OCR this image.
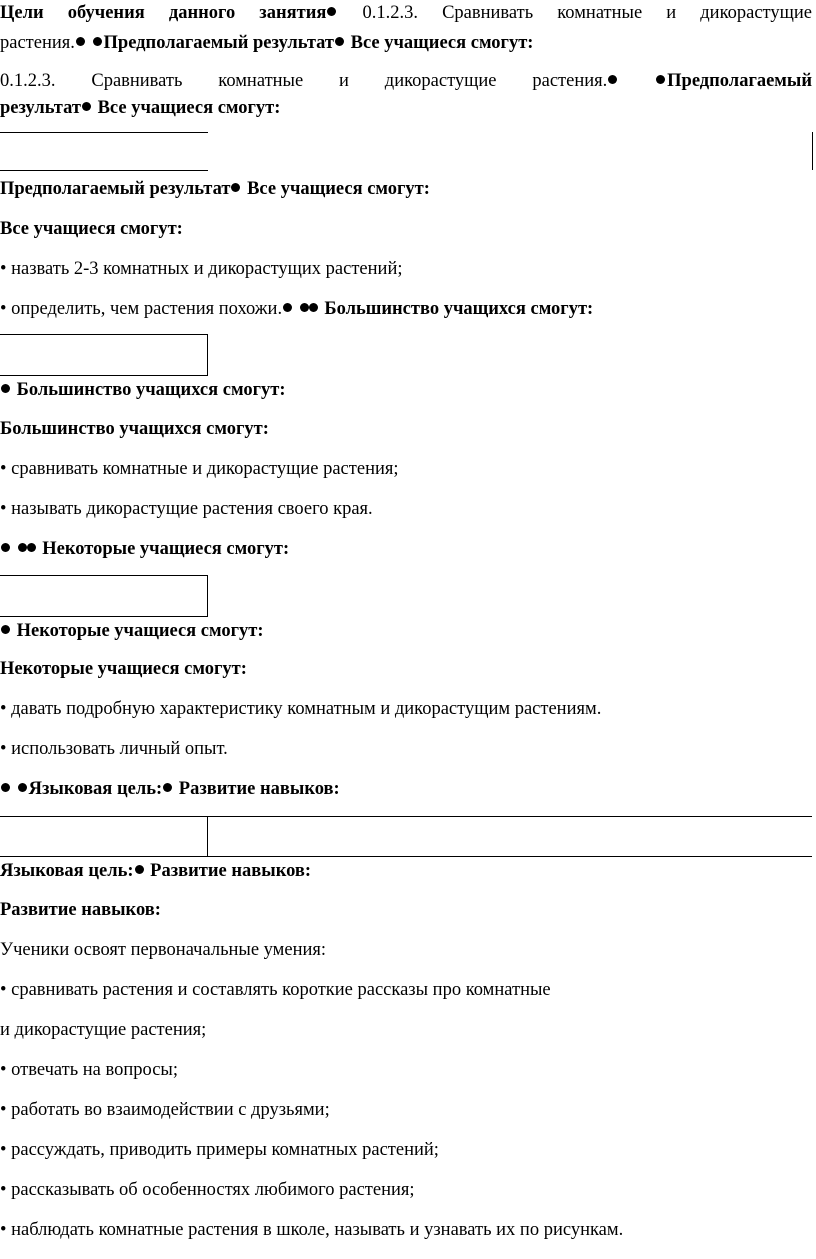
Цели обучения данного занятия 0.1.2.3. Сравнивать комнатные и дикорастущие
растения. Предполагаемый результат Все учащиеся смогут:
0.1.2.3. Сравнивать комнатные и дикорастущие растения.	Предполагаемый
результат Все учащиеся смогут:
Предполагаемый результат Все учащиеся смогут:
Все учащиеся смогут:
• назвать 2-3 комнатных и дикорастущих растений;
• определить, чем растения похожи. Большинство учащихся смогут:
Большинство учащихся смогут:
Большинство учащихся смогут:
• сравнивать комнатные и дикорастущие растения;
• называть дикорастущие растения своего края.
Некоторые учащиеся смогут:
Некоторые учащиеся смогут:
Некоторые учащиеся смогут:
• давать подробную характеристику комнатным и дикорастущим растениям.
• использовать личный опыт.
Языковая цель: Развитие навыков:
Языковая цель: Развитие навыков:
Развитие навыков:
Ученики освоят первоначальные умения:
• сравнивать растения и составлять короткие рассказы про комнатные
и дикорастущие растения;
• отвечать на вопросы;
• работать во взаимодействии с друзьями;
• рассуждать, приводить примеры комнатных растений;
• рассказывать об особенностях любимого растения;
• наблюдать комнатные растения в школе, называть и узнавать их по рисункам.
